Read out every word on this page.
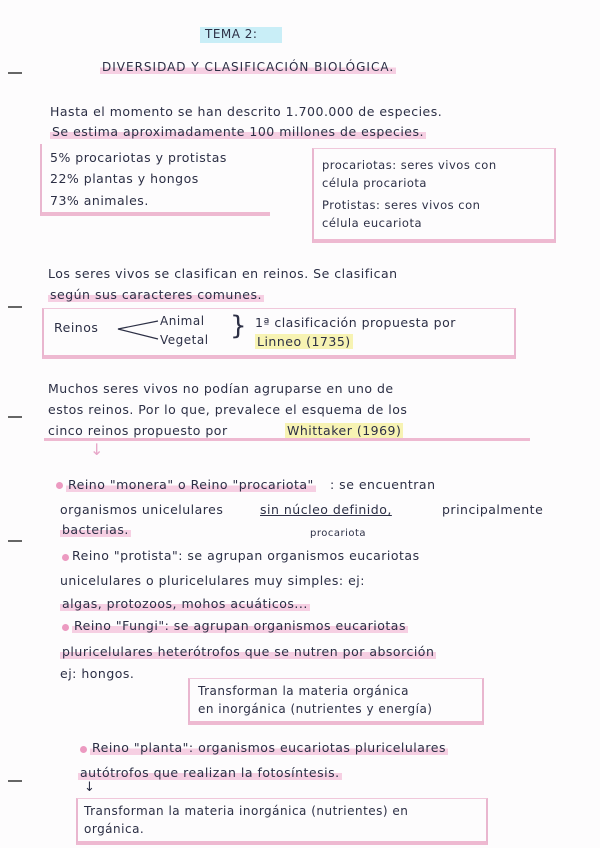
TEMA 2:
DIVERSIDAD Y CLASIFICACIÓN BIOLÓGICA.
Hasta el momento se han descrito 1.700.000 de especies.
Se estima aproximadamente 100 millones de especies.
5% procariotas y protistas
22% plantas y hongos
73% animales.
procariotas: seres vivos con
célula procariota
Protistas: seres vivos con
célula eucariota
Los seres vivos se clasifican en reinos. Se clasifican
según sus caracteres comunes.
Reinos	Animal
Vegetal } 1ª clasificación propuesta por
Linneo (1735)
Muchos seres vivos no podían agruparse en uno de
estos reinos. Por lo que, prevalece el esquema de los
cinco reinos propuesto por	Whittaker (1969)
↓
Reino "monera" o Reino "procariota" : se encuentran
organismos unicelulares	sin núcleo definido,	principalmente
bacterias.	procariota
Reino "protista": se agrupan organismos eucariotas
unicelulares o pluricelulares muy simples: ej:
algas, protozoos, mohos acuáticos...
Reino "Fungi": se agrupan organismos eucariotas
pluricelulares heterótrofos que se nutren por absorción
ej: hongos.
Transforman la materia orgánica
en inorgánica (nutrientes y energía)
Reino "planta": organismos eucariotas pluricelulares
autótrofos que realizan la fotosíntesis.
↓
Transforman la materia inorgánica (nutrientes) en
orgánica.
